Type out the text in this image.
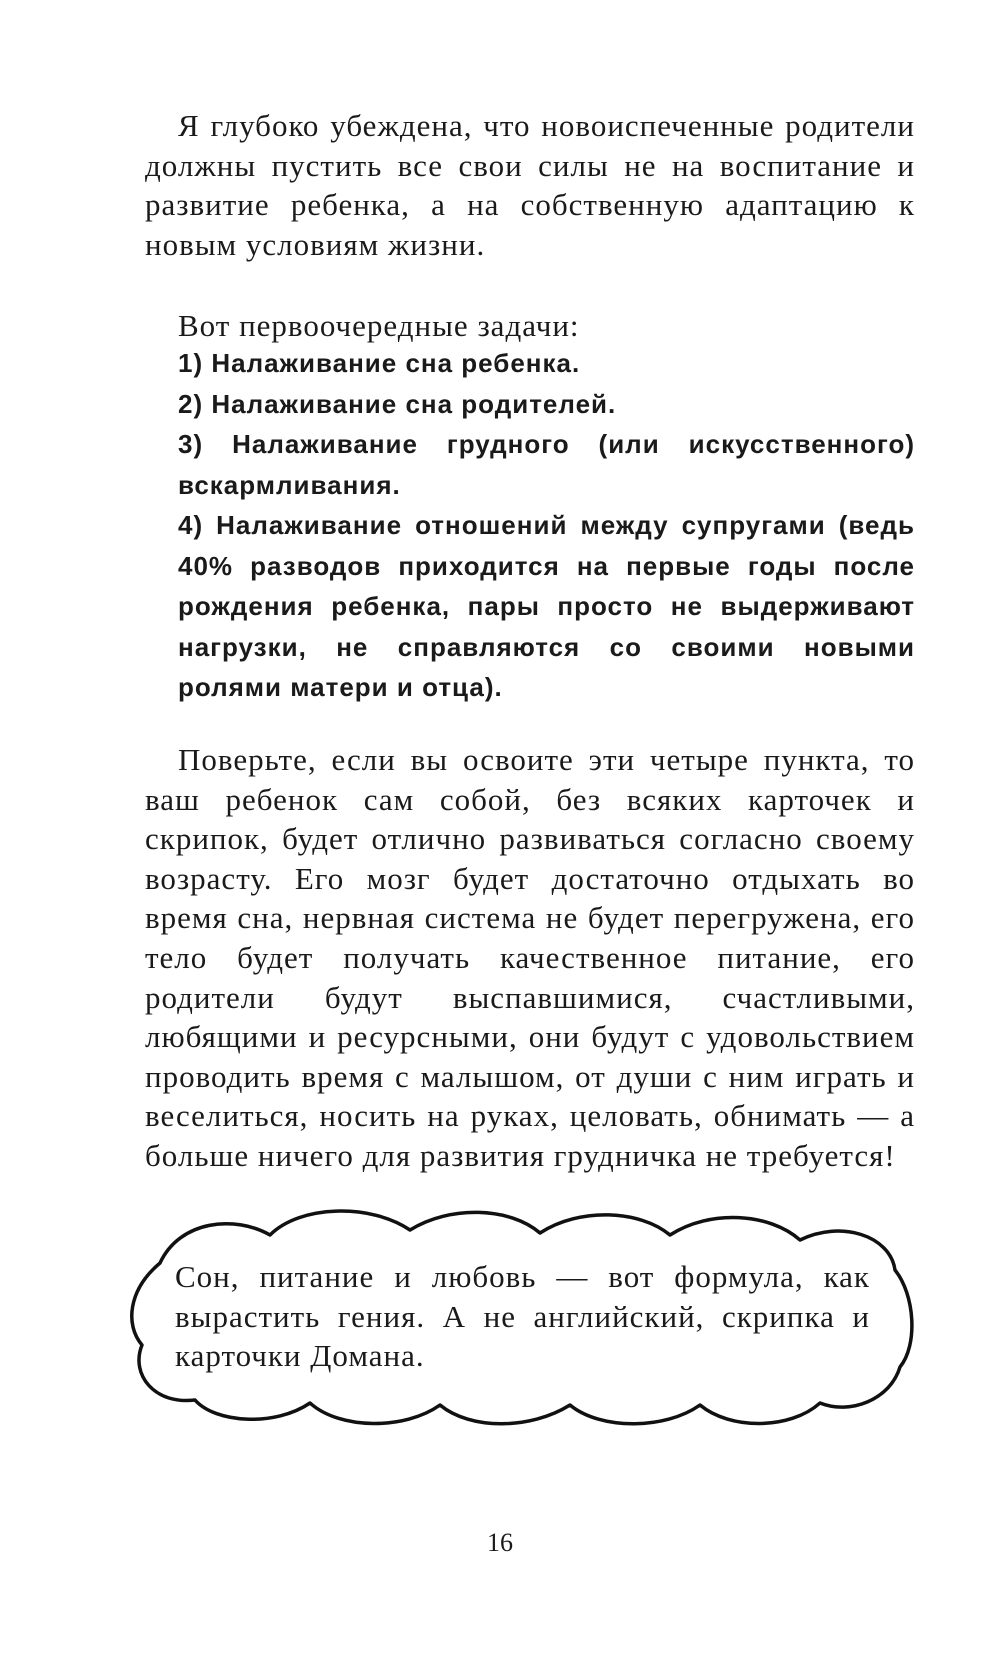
Я глубоко убеждена, что новоиспеченные родители должны пустить все свои силы не на воспитание и развитие ребенка, а на собственную адаптацию к новым условиям жизни.

Вот первоочередные задачи:

1) Налаживание сна ребенка.
2) Налаживание сна родителей.
3) Налаживание грудного (или искусственного) вскармливания.
4) Налаживание отношений между супругами (ведь 40% разводов приходится на первые годы после рождения ребенка, пары просто не выдерживают нагрузки, не справляются со своими новыми ролями матери и отца).

Поверьте, если вы освоите эти четыре пункта, то ваш ребенок сам собой, без всяких карточек и скрипок, будет отлично развиваться согласно своему возрасту. Его мозг будет достаточно отдыхать во время сна, нервная система не будет перегружена, его тело будет получать качественное питание, его родители будут выспавшимися, счастливыми, любящими и ресурсными, они будут с удовольствием проводить время с малышом, от души с ним играть и веселиться, носить на руках, целовать, обнимать — а больше ничего для развития грудничка не требуется!

Сон, питание и любовь — вот формула, как вырастить гения. А не английский, скрипка и карточки Домана.

16
